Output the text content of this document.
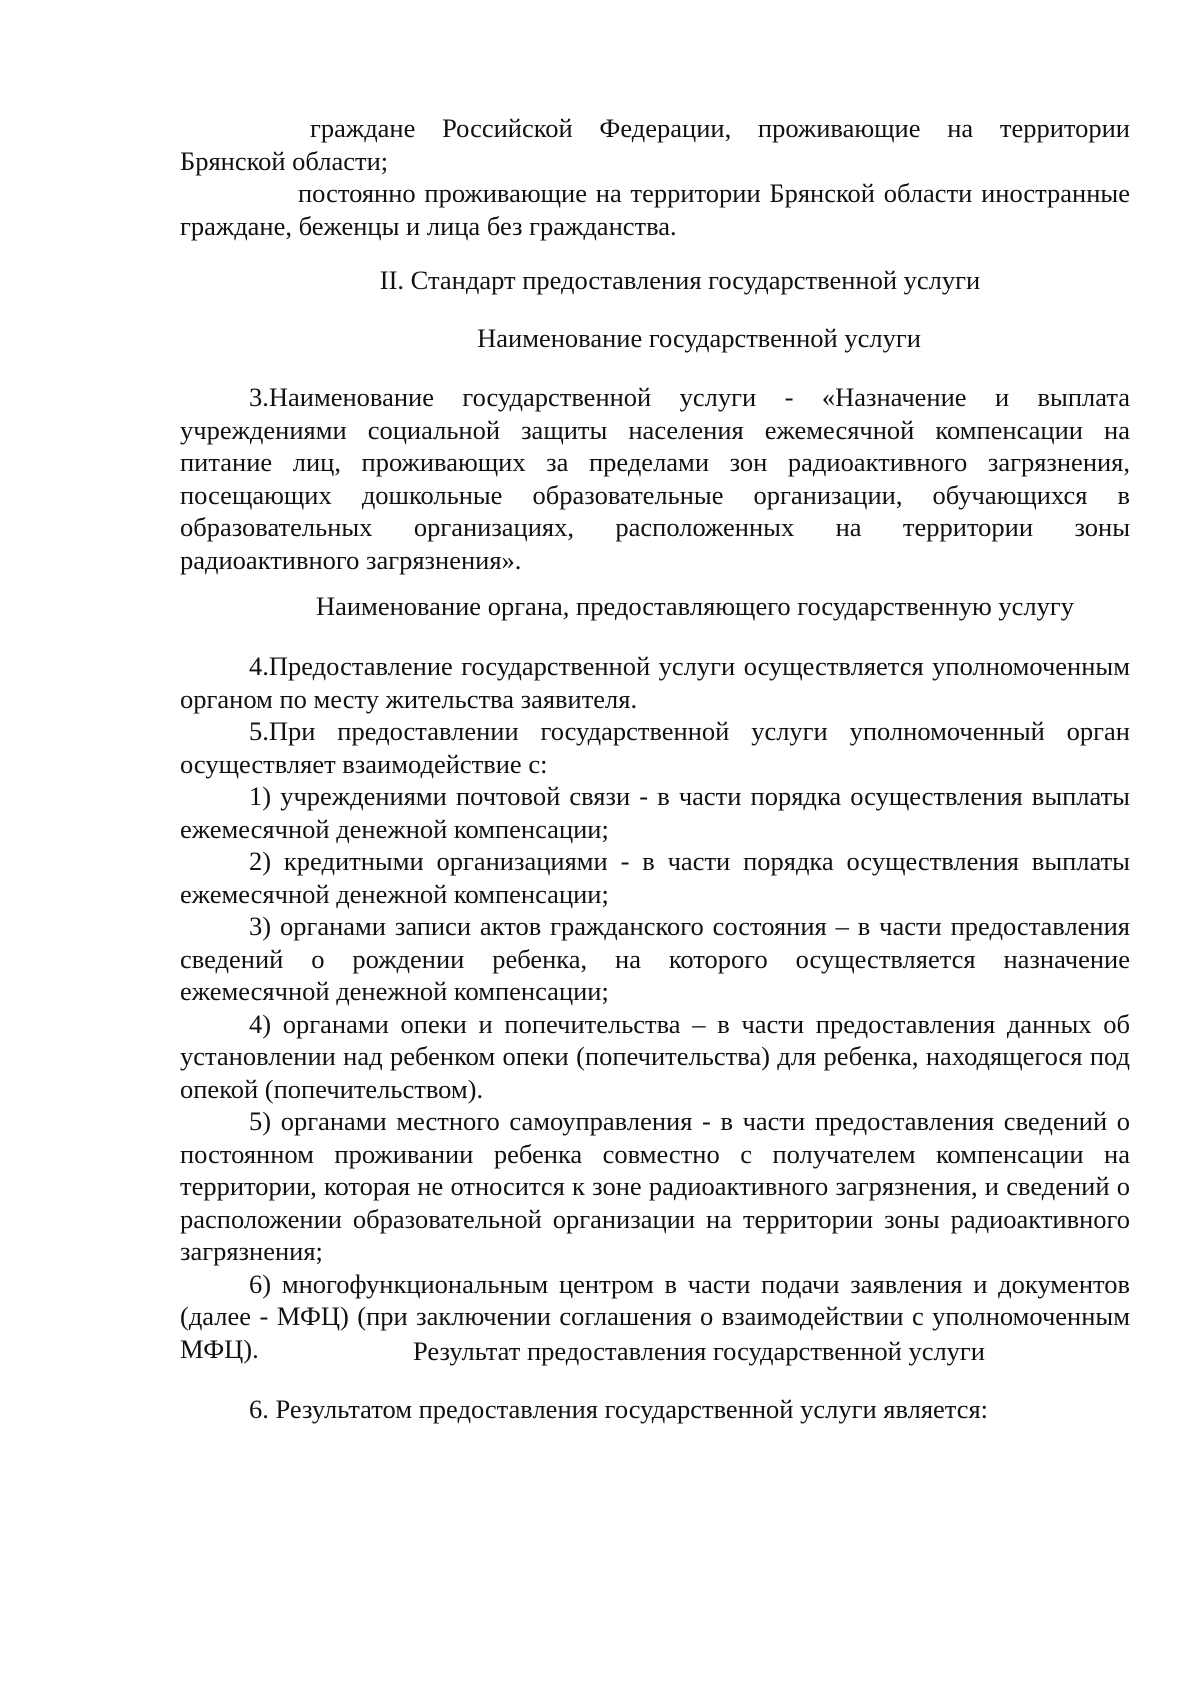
граждане Российской Федерации, проживающие на территории Брянской области;

постоянно проживающие на территории Брянской области иностранные граждане, беженцы и лица без гражданства.

II. Стандарт предоставления государственной услуги
Наименование государственной услуги

3.Наименование государственной услуги - «Назначение и выплата учреждениями социальной защиты населения ежемесячной компенсации на питание лиц, проживающих за пределами зон радиоактивного загрязнения, посещающих дошкольные образовательные организации, обучающихся в образовательных организациях, расположенных на территории зоны радиоактивного загрязнения».

Наименование органа, предоставляющего государственную услугу

4.Предоставление государственной услуги осуществляется уполномоченным органом по месту жительства заявителя.

5.При предоставлении государственной услуги уполномоченный орган осуществляет взаимодействие с:

1) учреждениями почтовой связи - в части порядка осуществления выплаты ежемесячной денежной компенсации;

2) кредитными организациями - в части порядка осуществления выплаты ежемесячной денежной компенсации;

3) органами записи актов гражданского состояния – в части предоставления сведений о рождении ребенка, на которого осуществляется назначение ежемесячной денежной компенсации;

4) органами опеки и попечительства – в части предоставления данных об установлении над ребенком опеки (попечительства) для ребенка, находящегося под опекой (попечительством).

5) органами местного самоуправления - в части предоставления сведений о постоянном проживании ребенка совместно с получателем компенсации на территории, которая не относится к зоне радиоактивного загрязнения, и сведений о расположении образовательной организации на территории зоны радиоактивного загрязнения;

6) многофункциональным центром в части подачи заявления и документов (далее - МФЦ) (при заключении соглашения о взаимодействии с уполномоченным МФЦ).	Результат предоставления государственной услуги

6. Результатом предоставления государственной услуги является:
